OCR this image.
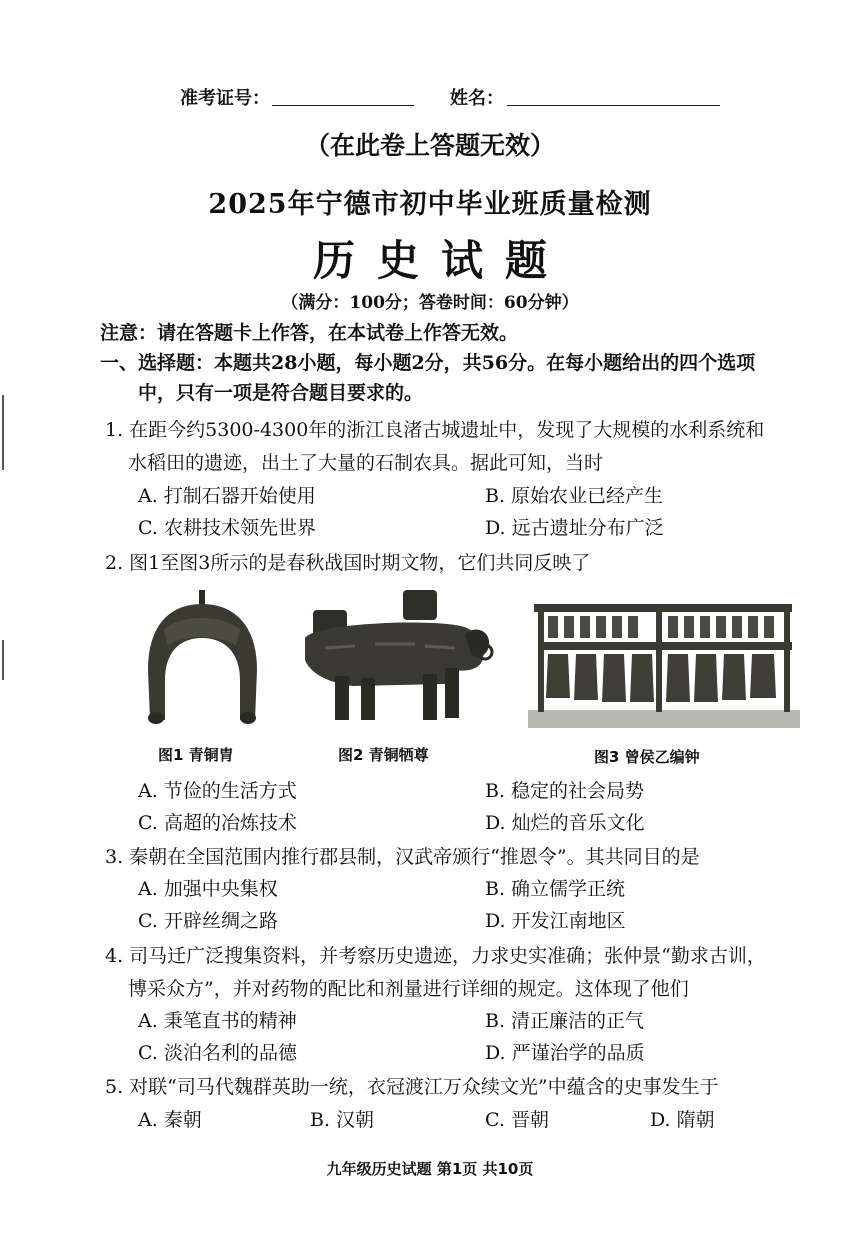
准考证号：	姓名：
（在此卷上答题无效）
2025年宁德市初中毕业班质量检测
历史试题
（满分：100分；答卷时间：60分钟）
注意：请在答题卡上作答，在本试卷上作答无效。
一、选择题：本题共28小题，每小题2分，共56分。在每小题给出的四个选项
中，只有一项是符合题目要求的。
1. 在距今约5300-4300年的浙江良渚古城遗址中，发现了大规模的水利系统和
水稻田的遗迹，出土了大量的石制农具。据此可知，当时
A. 打制石器开始使用	B. 原始农业已经产生
C. 农耕技术领先世界	D. 远古遗址分布广泛
2. 图1至图3所示的是春秋战国时期文物，它们共同反映了
图1 青铜胄	图2 青铜牺尊	图3 曾侯乙编钟
A. 节俭的生活方式	B. 稳定的社会局势
C. 高超的冶炼技术	D. 灿烂的音乐文化
3. 秦朝在全国范围内推行郡县制，汉武帝颁行“推恩令”。其共同目的是
A. 加强中央集权	B. 确立儒学正统
C. 开辟丝绸之路	D. 开发江南地区
4. 司马迁广泛搜集资料，并考察历史遗迹，力求史实准确；张仲景“勤求古训，
博采众方”，并对药物的配比和剂量进行详细的规定。这体现了他们
A. 秉笔直书的精神	B. 清正廉洁的正气
C. 淡泊名利的品德	D. 严谨治学的品质
5. 对联“司马代魏群英助一统，衣冠渡江万众续文光”中蕴含的史事发生于
A. 秦朝	B. 汉朝	C. 晋朝	D. 隋朝
九年级历史试题 第1页 共10页
